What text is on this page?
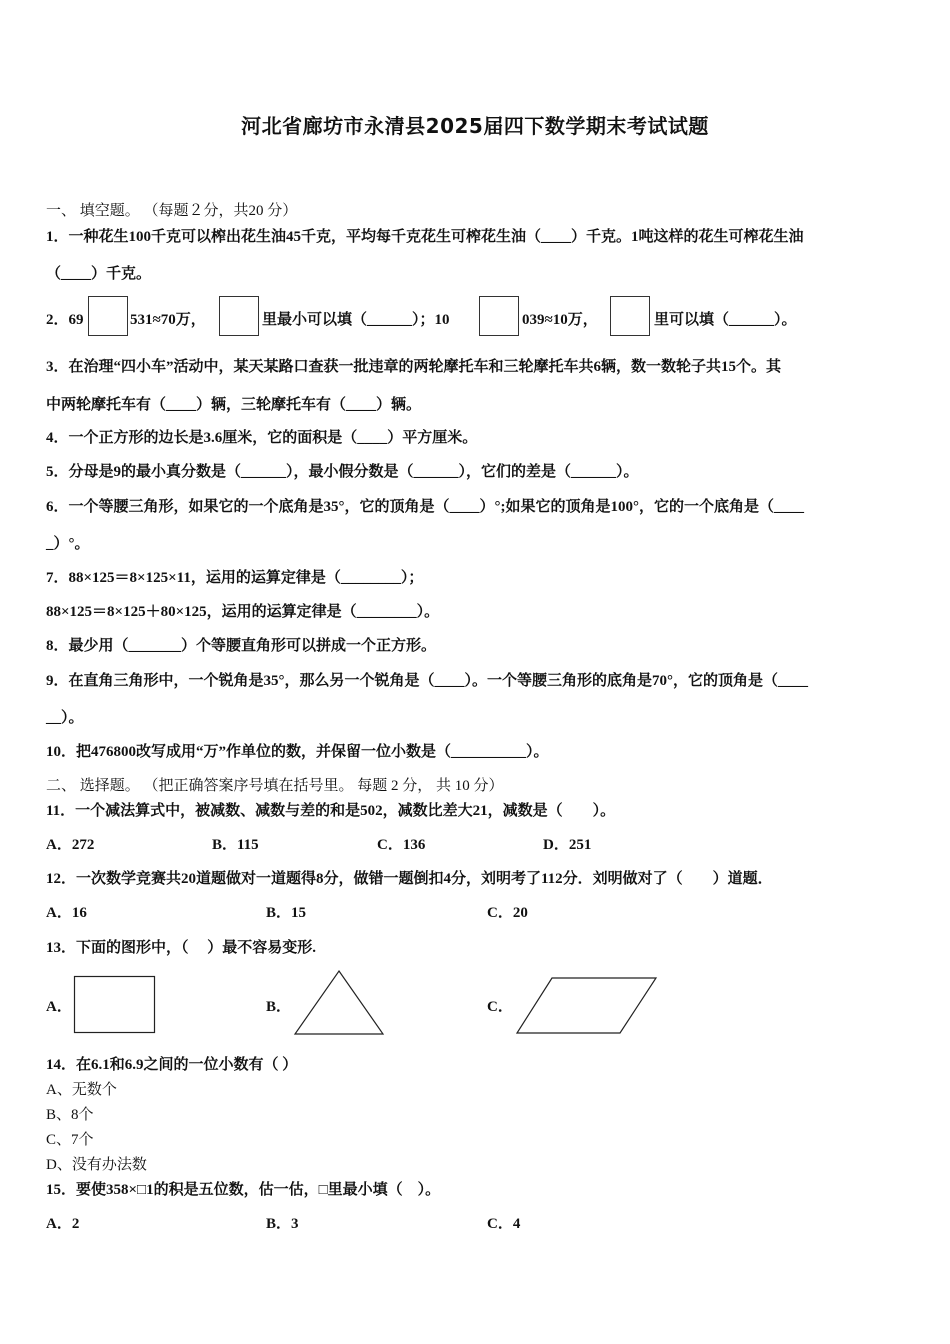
河北省廊坊市永清县2025届四下数学期末考试试题
一、 填空题。 （每题２分，共20 分）
1．一种花生100千克可以榨出花生油45千克，平均每千克花生可榨花生油（____）千克。1吨这样的花生可榨花生油
（____）千克。
2．69	531≈70万，	里最小可以填（______）；10	039≈10万，	里可以填（______）。
3．在治理“四小车”活动中，某天某路口查获一批违章的两轮摩托车和三轮摩托车共6辆，数一数轮子共15个。其
中两轮摩托车有（____）辆，三轮摩托车有（____）辆。
4．一个正方形的边长是3.6厘米，它的面积是（____）平方厘米。
5．分母是9的最小真分数是（______），最小假分数是（______），它们的差是（______）。
6．一个等腰三角形，如果它的一个底角是35°，它的顶角是（____）°;如果它的顶角是100°，它的一个底角是（____
_）°。
7．88×125＝8×125×11，运用的运算定律是（________）；
88×125＝8×125＋80×125，运用的运算定律是（________）。
8．最少用（_______）个等腰直角形可以拼成一个正方形。
9．在直角三角形中，一个锐角是35°，那么另一个锐角是（____）。一个等腰三角形的底角是70°，它的顶角是（____
__）。
10．把476800改写成用“万”作单位的数，并保留一位小数是（__________）。
二、 选择题。 （把正确答案序号填在括号里。 每题 2 分， 共 10 分）
11．一个减法算式中，被减数、减数与差的和是502，减数比差大21，减数是（　　）。
A．272	B．115	C．136	D．251
12．一次数学竞赛共20道题做对一道题得8分，做错一题倒扣4分，刘明考了112分．刘明做对了（　　）道题．
A．16	B．15	C．20
13．下面的图形中，（　 ）最不容易变形.
A．	B．	C．
14．在6.1和6.9之间的一位小数有（ ）
A、无数个
B、8个
C、7个
D、没有办法数
15．要使358×□1的积是五位数，估一估，□里最小填（　）。
A．2	B．3	C．4
